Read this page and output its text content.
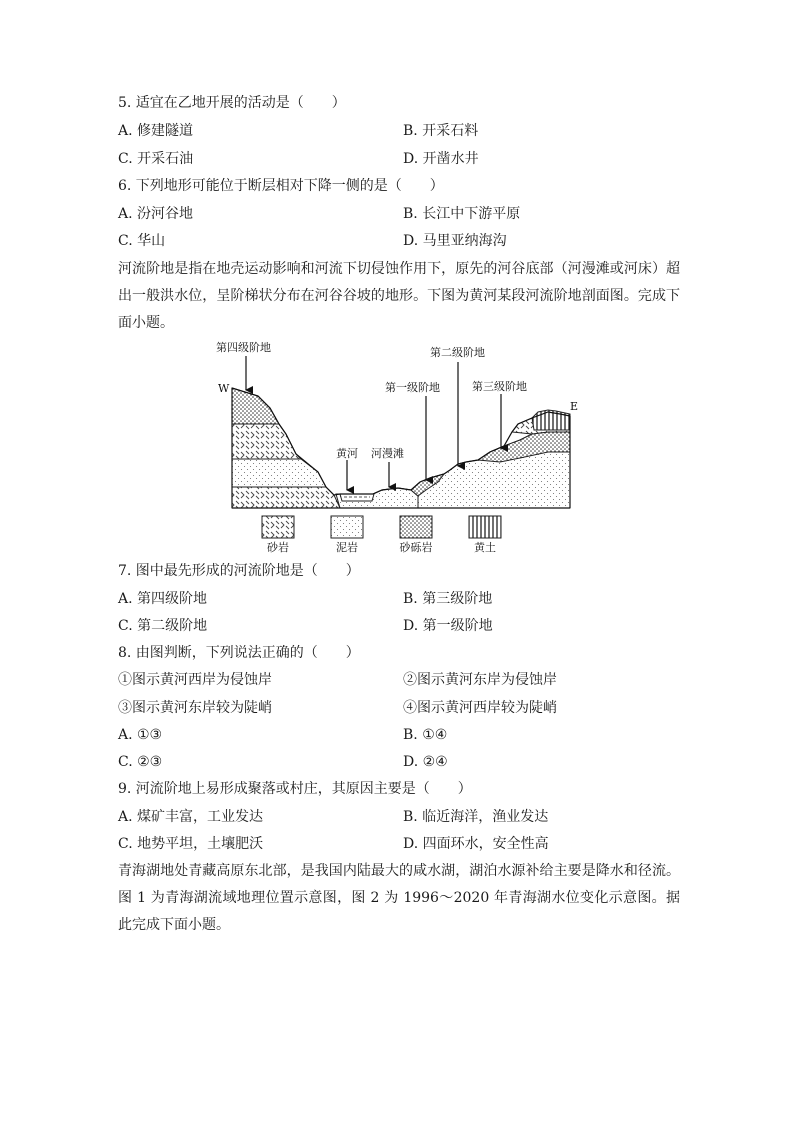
5. 适宜在乙地开展的活动是（　　）
A. 修建隧道	B. 开采石料
C. 开采石油	D. 开凿水井
6. 下列地形可能位于断层相对下降一侧的是（　　）
A. 汾河谷地	B. 长江中下游平原
C. 华山	D. 马里亚纳海沟
河流阶地是指在地壳运动影响和河流下切侵蚀作用下，原先的河谷底部（河漫滩或河床）超出一般洪水位，呈阶梯状分布在河谷谷坡的地形。下图为黄河某段河流阶地剖面图。完成下面小题。
第四级阶地	第二级阶地
第一级阶地	第三级阶地
黄河 河漫滩
W
E
砂岩	泥岩	砂砾岩	黄土
7. 图中最先形成的河流阶地是（　　）
A. 第四级阶地	B. 第三级阶地
C. 第二级阶地	D. 第一级阶地
8. 由图判断，下列说法正确的（　　）
①图示黄河西岸为侵蚀岸	②图示黄河东岸为侵蚀岸
③图示黄河东岸较为陡峭	④图示黄河西岸较为陡峭
A. ①③	B. ①④
C. ②③	D. ②④
9. 河流阶地上易形成聚落或村庄，其原因主要是（　　）
A. 煤矿丰富，工业发达	B. 临近海洋，渔业发达
C. 地势平坦，土壤肥沃	D. 四面环水，安全性高
青海湖地处青藏高原东北部，是我国内陆最大的咸水湖，湖泊水源补给主要是降水和径流。图 1 为青海湖流域地理位置示意图，图 2 为 1996～2020 年青海湖水位变化示意图。据此完成下面小题。
